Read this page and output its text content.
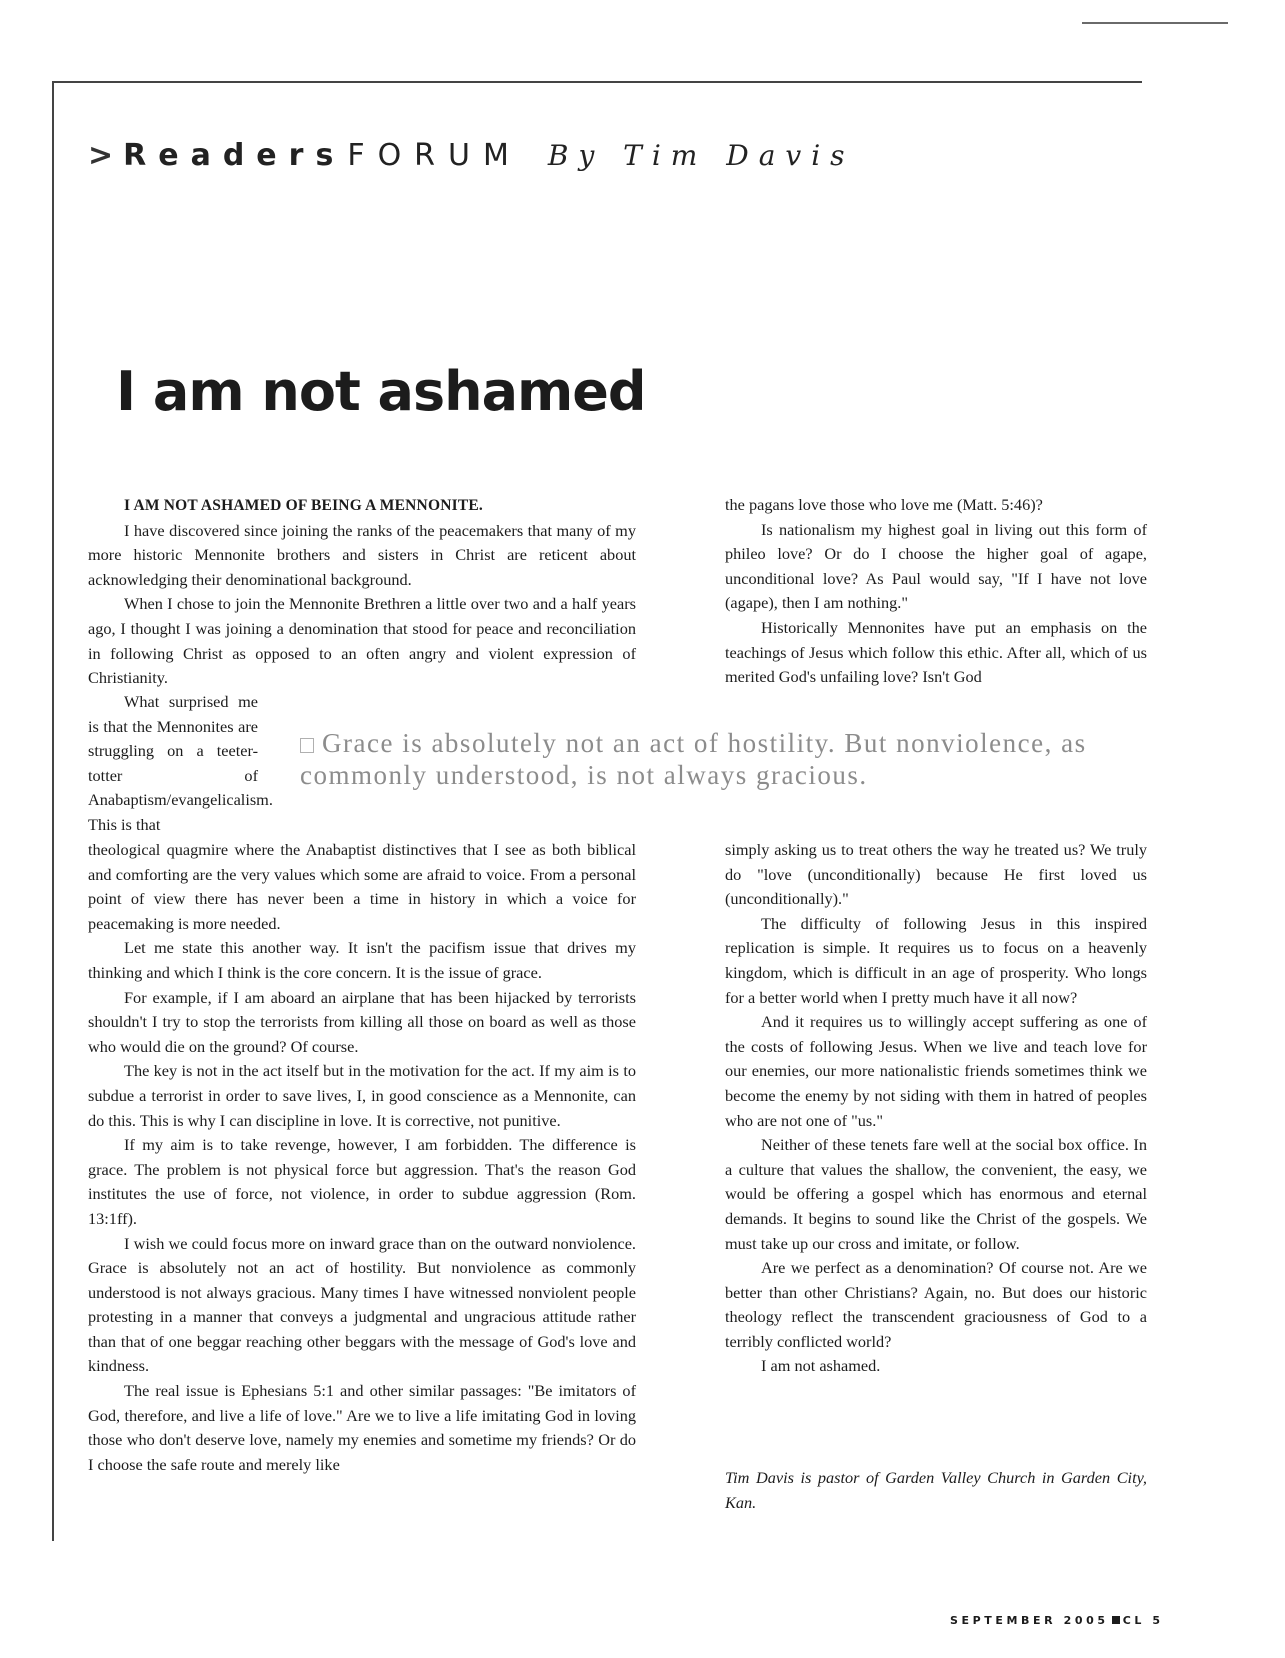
> ReadersFORUM By Tim Davis
I am not ashamed

I AM NOT ASHAMED OF BEING A MENNONITE.

I have discovered since joining the ranks of the peacemakers that many of my more historic Mennonite brothers and sisters in Christ are reticent about acknowledging their denominational background.

When I chose to join the Mennonite Brethren a little over two and a half years ago, I thought I was joining a denomination that stood for peace and reconciliation in following Christ as opposed to an often angry and violent expression of Christianity.

What surprised me is that the Mennonites are struggling on a teeter-totter of Anabaptism/evangelicalism. This is that

Grace is absolutely not an act of hostility. But nonviolence, as commonly understood, is not always gracious.

theological quagmire where the Anabaptist distinctives that I see as both biblical and comforting are the very values which some are afraid to voice. From a personal point of view there has never been a time in history in which a voice for peacemaking is more needed.

Let me state this another way. It isn't the pacifism issue that drives my thinking and which I think is the core concern. It is the issue of grace.

For example, if I am aboard an airplane that has been hijacked by terrorists shouldn't I try to stop the terrorists from killing all those on board as well as those who would die on the ground? Of course.

The key is not in the act itself but in the motivation for the act. If my aim is to subdue a terrorist in order to save lives, I, in good conscience as a Mennonite, can do this. This is why I can discipline in love. It is corrective, not punitive.

If my aim is to take revenge, however, I am forbidden. The difference is grace. The problem is not physical force but aggression. That's the reason God institutes the use of force, not violence, in order to subdue aggression (Rom. 13:1ff).

I wish we could focus more on inward grace than on the outward nonviolence. Grace is absolutely not an act of hostility. But nonviolence as commonly understood is not always gracious. Many times I have witnessed nonviolent people protesting in a manner that conveys a judgmental and ungracious attitude rather than that of one beggar reaching other beggars with the message of God's love and kindness.

The real issue is Ephesians 5:1 and other similar passages: "Be imitators of God, therefore, and live a life of love." Are we to live a life imitating God in loving those who don't deserve love, namely my enemies and sometime my friends? Or do I choose the safe route and merely like

the pagans love those who love me (Matt. 5:46)?

Is nationalism my highest goal in living out this form of phileo love? Or do I choose the higher goal of agape, unconditional love? As Paul would say, "If I have not love (agape), then I am nothing."

Historically Mennonites have put an emphasis on the teachings of Jesus which follow this ethic. After all, which of us merited God's unfailing love? Isn't God

simply asking us to treat others the way he treated us? We truly do "love (unconditionally) because He first loved us (unconditionally)."

The difficulty of following Jesus in this inspired replication is simple. It requires us to focus on a heavenly kingdom, which is difficult in an age of prosperity. Who longs for a better world when I pretty much have it all now?

And it requires us to willingly accept suffering as one of the costs of following Jesus. When we live and teach love for our enemies, our more nationalistic friends sometimes think we become the enemy by not siding with them in hatred of peoples who are not one of "us."

Neither of these tenets fare well at the social box office. In a culture that values the shallow, the convenient, the easy, we would be offering a gospel which has enormous and eternal demands. It begins to sound like the Christ of the gospels. We must take up our cross and imitate, or follow.

Are we perfect as a denomination? Of course not. Are we better than other Christians? Again, no. But does our historic theology reflect the transcendent graciousness of God to a terribly conflicted world?

I am not ashamed.

Tim Davis is pastor of Garden Valley Church in Garden City, Kan.
SEPTEMBER 2005 CL 5
